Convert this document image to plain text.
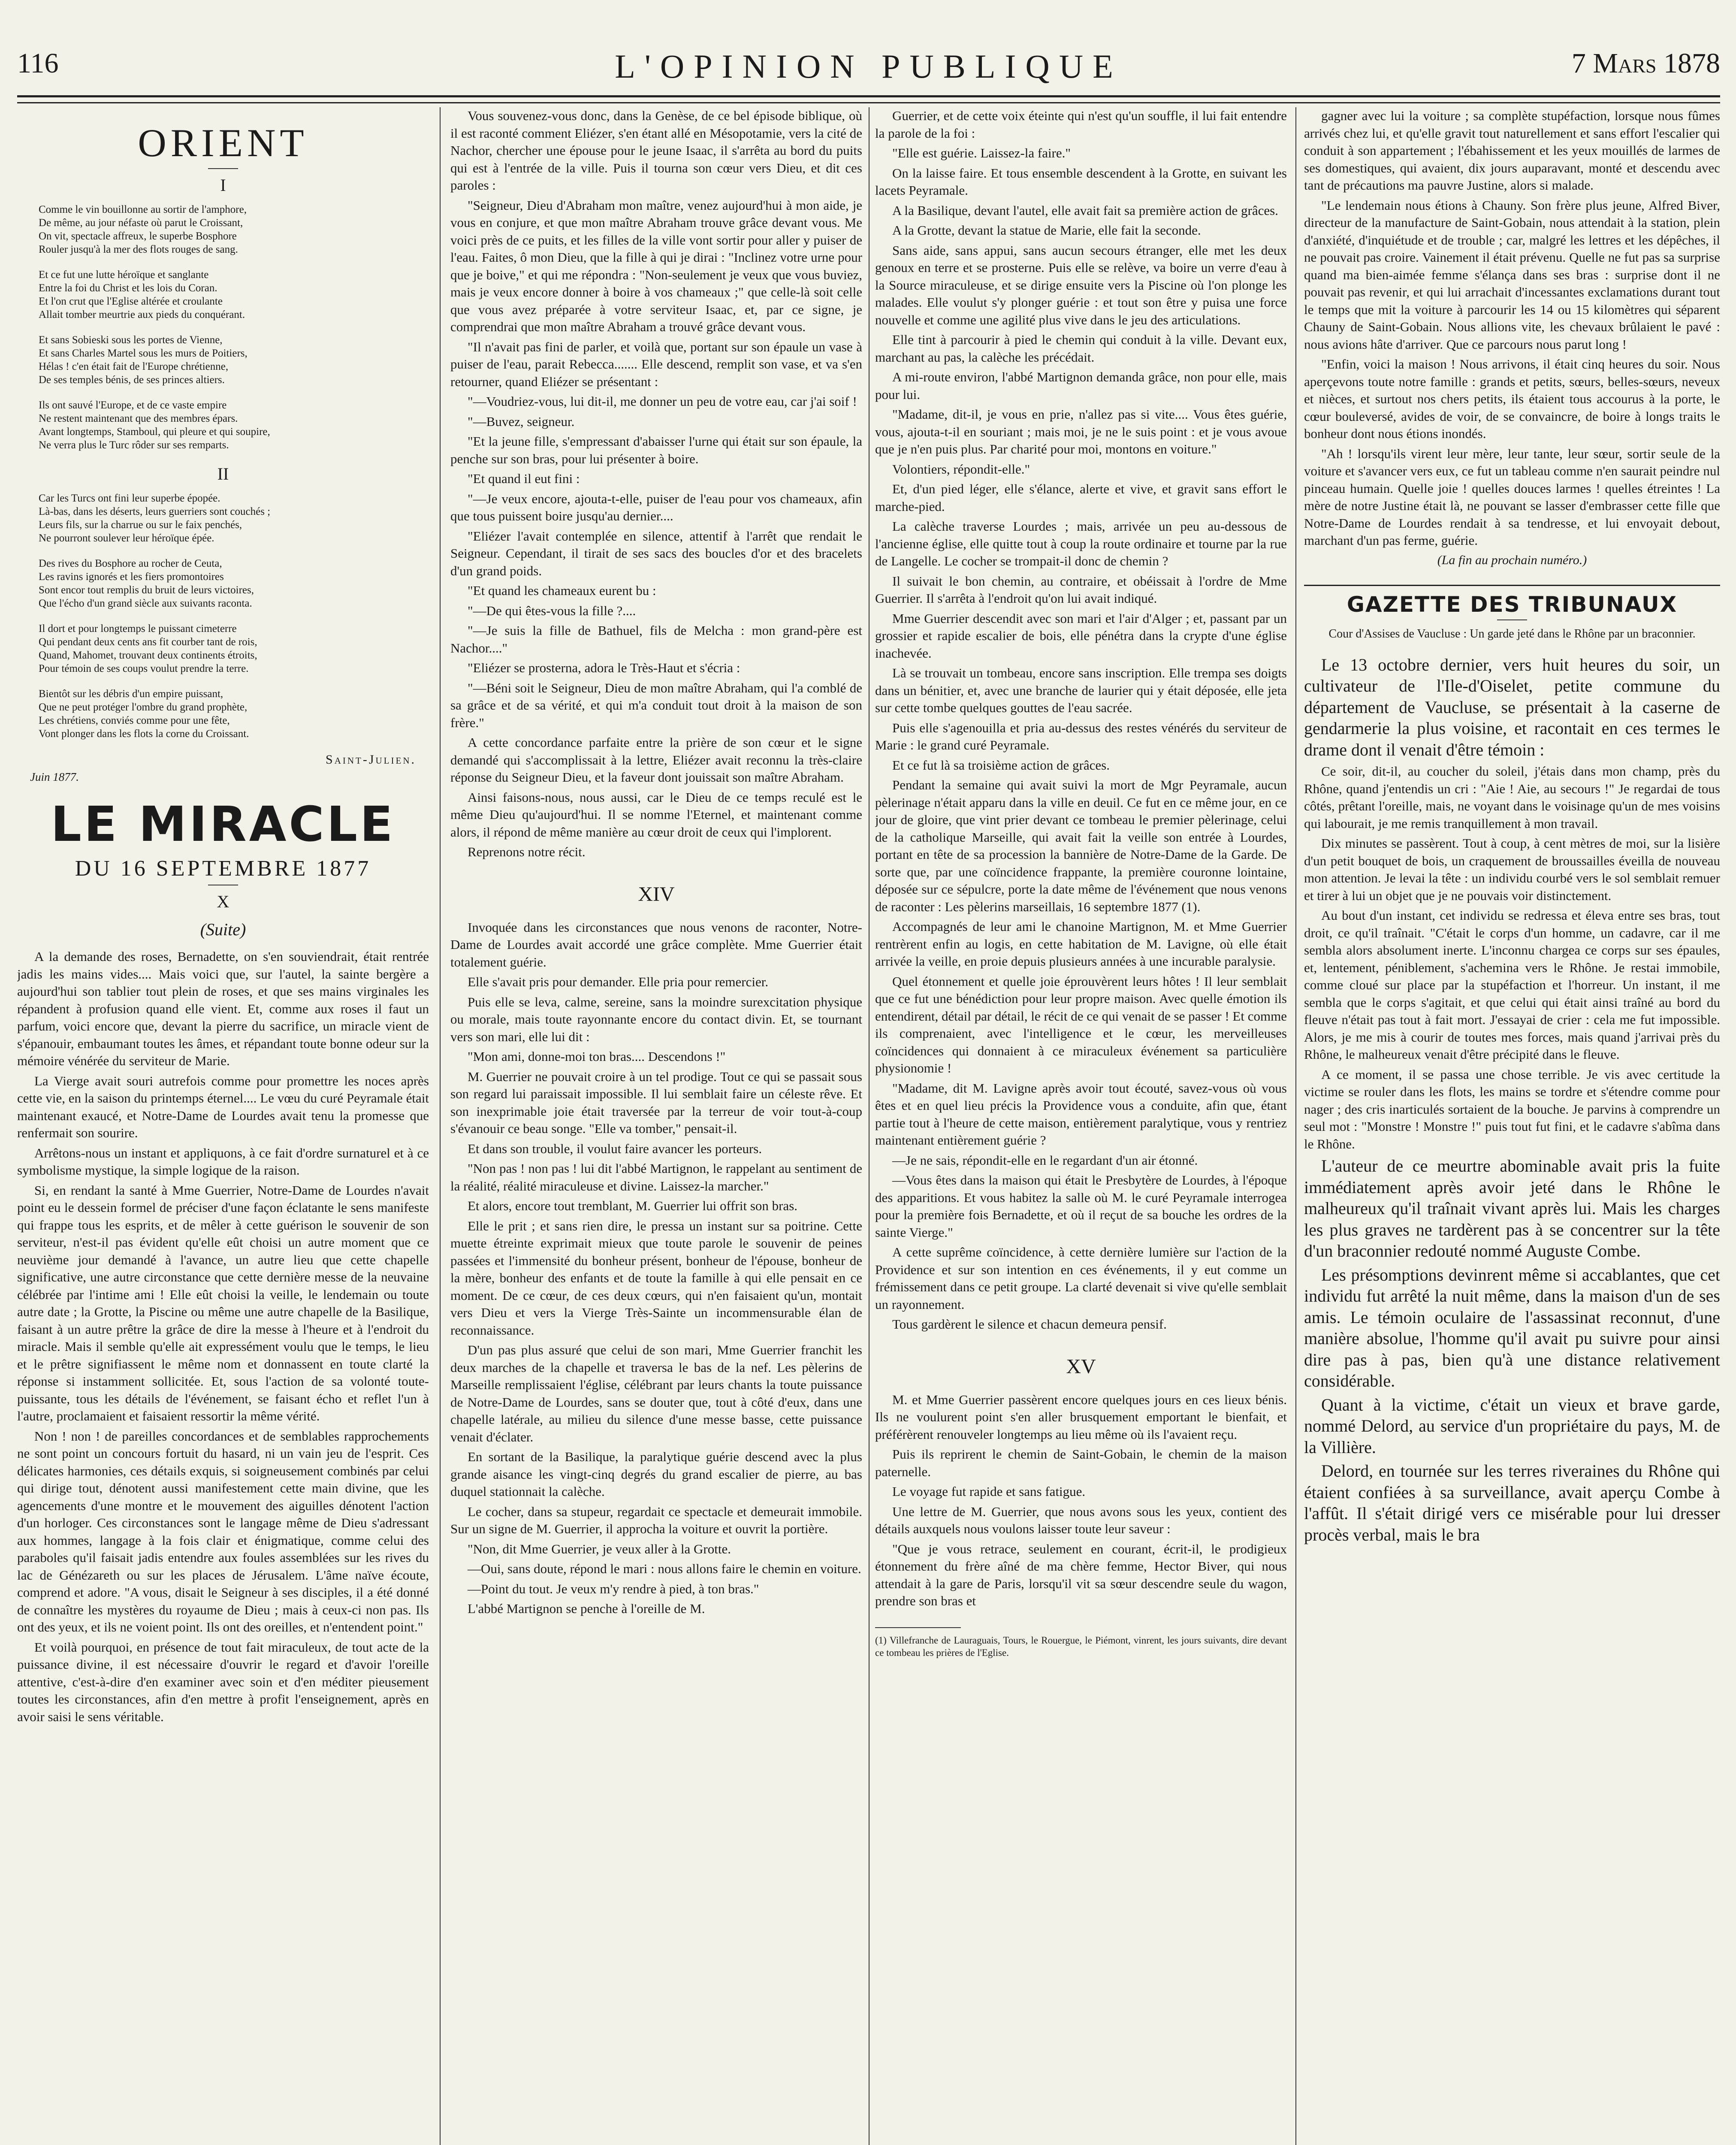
116	L'OPINION PUBLIQUE	7 Mars 1878
ORIENT
I
Comme le vin bouillonne au sortir de l'amphore,
De même, au jour néfaste où parut le Croissant,
On vit, spectacle affreux, le superbe Bosphore
Rouler jusqu'à la mer des flots rouges de sang.
Et ce fut une lutte héroïque et sanglante
Entre la foi du Christ et les lois du Coran.
Et l'on crut que l'Eglise altérée et croulante
Allait tomber meurtrie aux pieds du conquérant.
Et sans Sobieski sous les portes de Vienne,
Et sans Charles Martel sous les murs de Poitiers,
Hélas ! c'en était fait de l'Europe chrétienne,
De ses temples bénis, de ses princes altiers.
Ils ont sauvé l'Europe, et de ce vaste empire
Ne restent maintenant que des membres épars.
Avant longtemps, Stamboul, qui pleure et qui soupire,
Ne verra plus le Turc rôder sur ses remparts.
II
Car les Turcs ont fini leur superbe épopée.
Là-bas, dans les déserts, leurs guerriers sont couchés ;
Leurs fils, sur la charrue ou sur le faix penchés,
Ne pourront soulever leur héroïque épée.
Des rives du Bosphore au rocher de Ceuta,
Les ravins ignorés et les fiers promontoires
Sont encor tout remplis du bruit de leurs victoires,
Que l'écho d'un grand siècle aux suivants raconta.
Il dort et pour longtemps le puissant cimeterre
Qui pendant deux cents ans fit courber tant de rois,
Quand, Mahomet, trouvant deux continents étroits,
Pour témoin de ses coups voulut prendre la terre.
Bientôt sur les débris d'un empire puissant,
Que ne peut protéger l'ombre du grand prophète,
Les chrétiens, conviés comme pour une fête,
Vont plonger dans les flots la corne du Croissant.
Saint-Julien.
Juin 1877.
LE MIRACLE
DU 16 SEPTEMBRE 1877
X
(Suite)

A la demande des roses, Bernadette, on s'en souviendrait, était rentrée jadis les mains vides.... Mais voici que, sur l'autel, la sainte bergère a aujourd'hui son tablier tout plein de roses, et que ses mains virginales les répandent à profusion quand elle vient. Et, comme aux roses il faut un parfum, voici encore que, devant la pierre du sacrifice, un miracle vient de s'épanouir, embaumant toutes les âmes, et répandant toute bonne odeur sur la mémoire vénérée du serviteur de Marie.

La Vierge avait souri autrefois comme pour promettre les noces après cette vie, en la saison du printemps éternel.... Le vœu du curé Peyramale était maintenant exaucé, et Notre-Dame de Lourdes avait tenu la promesse que renfermait son sourire.

Arrêtons-nous un instant et appliquons, à ce fait d'ordre surnaturel et à ce symbolisme mystique, la simple logique de la raison.

Si, en rendant la santé à Mme Guerrier, Notre-Dame de Lourdes n'avait point eu le dessein formel de préciser d'une façon éclatante le sens manifeste qui frappe tous les esprits, et de mêler à cette guérison le souvenir de son serviteur, n'est-il pas évident qu'elle eût choisi un autre moment que ce neuvième jour demandé à l'avance, un autre lieu que cette chapelle significative, une autre circonstance que cette dernière messe de la neuvaine célébrée par l'intime ami ! Elle eût choisi la veille, le lendemain ou toute autre date ; la Grotte, la Piscine ou même une autre chapelle de la Basilique, faisant à un autre prêtre la grâce de dire la messe à l'heure et à l'endroit du miracle. Mais il semble qu'elle ait expressément voulu que le temps, le lieu et le prêtre signifiassent le même nom et donnassent en toute clarté la réponse si instamment sollicitée. Et, sous l'action de sa volonté toute-puissante, tous les détails de l'événement, se faisant écho et reflet l'un à l'autre, proclamaient et faisaient ressortir la même vérité.

Non ! non ! de pareilles concordances et de semblables rapprochements ne sont point un concours fortuit du hasard, ni un vain jeu de l'esprit. Ces délicates harmonies, ces détails exquis, si soigneusement combinés par celui qui dirige tout, dénotent aussi manifestement cette main divine, que les agencements d'une montre et le mouvement des aiguilles dénotent l'action d'un horloger. Ces circonstances sont le langage même de Dieu s'adressant aux hommes, langage à la fois clair et énigmatique, comme celui des paraboles qu'il faisait jadis entendre aux foules assemblées sur les rives du lac de Génézareth ou sur les places de Jérusalem. L'âme naïve écoute, comprend et adore. "A vous, disait le Seigneur à ses disciples, il a été donné de connaître les mystères du royaume de Dieu ; mais à ceux-ci non pas. Ils ont des yeux, et ils ne voient point. Ils ont des oreilles, et n'entendent point."

Et voilà pourquoi, en présence de tout fait miraculeux, de tout acte de la puissance divine, il est nécessaire d'ouvrir le regard et d'avoir l'oreille attentive, c'est-à-dire d'en examiner avec soin et d'en méditer pieusement toutes les circonstances, afin d'en mettre à profit l'enseignement, après en avoir saisi le sens véritable.

Vous souvenez-vous donc, dans la Genèse, de ce bel épisode biblique, où il est raconté comment Eliézer, s'en étant allé en Mésopotamie, vers la cité de Nachor, chercher une épouse pour le jeune Isaac, il s'arrêta au bord du puits qui est à l'entrée de la ville. Puis il tourna son cœur vers Dieu, et dit ces paroles :

"Seigneur, Dieu d'Abraham mon maître, venez aujourd'hui à mon aide, je vous en conjure, et que mon maître Abraham trouve grâce devant vous. Me voici près de ce puits, et les filles de la ville vont sortir pour aller y puiser de l'eau. Faites, ô mon Dieu, que la fille à qui je dirai : "Inclinez votre urne pour que je boive," et qui me répondra : "Non-seulement je veux que vous buviez, mais je veux encore donner à boire à vos chameaux ;" que celle-là soit celle que vous avez préparée à votre serviteur Isaac, et, par ce signe, je comprendrai que mon maître Abraham a trouvé grâce devant vous.

"Il n'avait pas fini de parler, et voilà que, portant sur son épaule un vase à puiser de l'eau, parait Rebecca....... Elle descend, remplit son vase, et va s'en retourner, quand Eliézer se présentant :

"—Voudriez-vous, lui dit-il, me donner un peu de votre eau, car j'ai soif !

"—Buvez, seigneur.

"Et la jeune fille, s'empressant d'abaisser l'urne qui était sur son épaule, la penche sur son bras, pour lui présenter à boire.

"Et quand il eut fini :

"—Je veux encore, ajouta-t-elle, puiser de l'eau pour vos chameaux, afin que tous puissent boire jusqu'au dernier....

"Eliézer l'avait contemplée en silence, attentif à l'arrêt que rendait le Seigneur. Cependant, il tirait de ses sacs des boucles d'or et des bracelets d'un grand poids.

"Et quand les chameaux eurent bu :

"—De qui êtes-vous la fille ?....

"—Je suis la fille de Bathuel, fils de Melcha : mon grand-père est Nachor...."

"Eliézer se prosterna, adora le Très-Haut et s'écria :

"—Béni soit le Seigneur, Dieu de mon maître Abraham, qui l'a comblé de sa grâce et de sa vérité, et qui m'a conduit tout droit à la maison de son frère."

A cette concordance parfaite entre la prière de son cœur et le signe demandé qui s'accomplissait à la lettre, Eliézer avait reconnu la très-claire réponse du Seigneur Dieu, et la faveur dont jouissait son maître Abraham.

Ainsi faisons-nous, nous aussi, car le Dieu de ce temps reculé est le même Dieu qu'aujourd'hui. Il se nomme l'Eternel, et maintenant comme alors, il répond de même manière au cœur droit de ceux qui l'implorent.

Reprenons notre récit.

XIV

Invoquée dans les circonstances que nous venons de raconter, Notre-Dame de Lourdes avait accordé une grâce complète. Mme Guerrier était totalement guérie.

Elle s'avait pris pour demander. Elle pria pour remercier.

Puis elle se leva, calme, sereine, sans la moindre surexcitation physique ou morale, mais toute rayonnante encore du contact divin. Et, se tournant vers son mari, elle lui dit :

"Mon ami, donne-moi ton bras.... Descendons !"

M. Guerrier ne pouvait croire à un tel prodige. Tout ce qui se passait sous son regard lui paraissait impossible. Il lui semblait faire un céleste rêve. Et son inexprimable joie était traversée par la terreur de voir tout-à-coup s'évanouir ce beau songe. "Elle va tomber," pensait-il.

Et dans son trouble, il voulut faire avancer les porteurs.

"Non pas ! non pas ! lui dit l'abbé Martignon, le rappelant au sentiment de la réalité, réalité miraculeuse et divine. Laissez-la marcher."

Et alors, encore tout tremblant, M. Guerrier lui offrit son bras.

Elle le prit ; et sans rien dire, le pressa un instant sur sa poitrine. Cette muette étreinte exprimait mieux que toute parole le souvenir de peines passées et l'immensité du bonheur présent, bonheur de l'épouse, bonheur de la mère, bonheur des enfants et de toute la famille à qui elle pensait en ce moment. De ce cœur, de ces deux cœurs, qui n'en faisaient qu'un, montait vers Dieu et vers la Vierge Très-Sainte un incommensurable élan de reconnaissance.

D'un pas plus assuré que celui de son mari, Mme Guerrier franchit les deux marches de la chapelle et traversa le bas de la nef. Les pèlerins de Marseille remplissaient l'église, célébrant par leurs chants la toute puissance de Notre-Dame de Lourdes, sans se douter que, tout à côté d'eux, dans une chapelle latérale, au milieu du silence d'une messe basse, cette puissance venait d'éclater.

En sortant de la Basilique, la paralytique guérie descend avec la plus grande aisance les vingt-cinq degrés du grand escalier de pierre, au bas duquel stationnait la calèche.

Le cocher, dans sa stupeur, regardait ce spectacle et demeurait immobile. Sur un signe de M. Guerrier, il approcha la voiture et ouvrit la portière.

"Non, dit Mme Guerrier, je veux aller à la Grotte.

—Oui, sans doute, répond le mari : nous allons faire le chemin en voiture.

—Point du tout. Je veux m'y rendre à pied, à ton bras."

L'abbé Martignon se penche à l'oreille de M.

Guerrier, et de cette voix éteinte qui n'est qu'un souffle, il lui fait entendre la parole de la foi :

"Elle est guérie. Laissez-la faire."

On la laisse faire. Et tous ensemble descendent à la Grotte, en suivant les lacets Peyramale.

A la Basilique, devant l'autel, elle avait fait sa première action de grâces.

A la Grotte, devant la statue de Marie, elle fait la seconde.

Sans aide, sans appui, sans aucun secours étranger, elle met les deux genoux en terre et se prosterne. Puis elle se relève, va boire un verre d'eau à la Source miraculeuse, et se dirige ensuite vers la Piscine où l'on plonge les malades. Elle voulut s'y plonger guérie : et tout son être y puisa une force nouvelle et comme une agilité plus vive dans le jeu des articulations.

Elle tint à parcourir à pied le chemin qui conduit à la ville. Devant eux, marchant au pas, la calèche les précédait.

A mi-route environ, l'abbé Martignon demanda grâce, non pour elle, mais pour lui.

"Madame, dit-il, je vous en prie, n'allez pas si vite.... Vous êtes guérie, vous, ajouta-t-il en souriant ; mais moi, je ne le suis point : et je vous avoue que je n'en puis plus. Par charité pour moi, montons en voiture."

Volontiers, répondit-elle."

Et, d'un pied léger, elle s'élance, alerte et vive, et gravit sans effort le marche-pied.

La calèche traverse Lourdes ; mais, arrivée un peu au-dessous de l'ancienne église, elle quitte tout à coup la route ordinaire et tourne par la rue de Langelle. Le cocher se trompait-il donc de chemin ?

Il suivait le bon chemin, au contraire, et obéissait à l'ordre de Mme Guerrier. Il s'arrêta à l'endroit qu'on lui avait indiqué.

Mme Guerrier descendit avec son mari et l'air d'Alger ; et, passant par un grossier et rapide escalier de bois, elle pénétra dans la crypte d'une église inachevée.

Là se trouvait un tombeau, encore sans inscription. Elle trempa ses doigts dans un bénitier, et, avec une branche de laurier qui y était déposée, elle jeta sur cette tombe quelques gouttes de l'eau sacrée.

Puis elle s'agenouilla et pria au-dessus des restes vénérés du serviteur de Marie : le grand curé Peyramale.

Et ce fut là sa troisième action de grâces.

Pendant la semaine qui avait suivi la mort de Mgr Peyramale, aucun pèlerinage n'était apparu dans la ville en deuil. Ce fut en ce même jour, en ce jour de gloire, que vint prier devant ce tombeau le premier pèlerinage, celui de la catholique Marseille, qui avait fait la veille son entrée à Lourdes, portant en tête de sa procession la bannière de Notre-Dame de la Garde. De sorte que, par une coïncidence frappante, la première couronne lointaine, déposée sur ce sépulcre, porte la date même de l'événement que nous venons de raconter : Les pèlerins marseillais, 16 septembre 1877 (1).

Accompagnés de leur ami le chanoine Martignon, M. et Mme Guerrier rentrèrent enfin au logis, en cette habitation de M. Lavigne, où elle était arrivée la veille, en proie depuis plusieurs années à une incurable paralysie.

Quel étonnement et quelle joie éprouvèrent leurs hôtes ! Il leur semblait que ce fut une bénédiction pour leur propre maison. Avec quelle émotion ils entendirent, détail par détail, le récit de ce qui venait de se passer ! Et comme ils comprenaient, avec l'intelligence et le cœur, les merveilleuses coïncidences qui donnaient à ce miraculeux événement sa particulière physionomie !

"Madame, dit M. Lavigne après avoir tout écouté, savez-vous où vous êtes et en quel lieu précis la Providence vous a conduite, afin que, étant partie tout à l'heure de cette maison, entièrement paralytique, vous y rentriez maintenant entièrement guérie ?

—Je ne sais, répondit-elle en le regardant d'un air étonné.

—Vous êtes dans la maison qui était le Presbytère de Lourdes, à l'époque des apparitions. Et vous habitez la salle où M. le curé Peyramale interrogea pour la première fois Bernadette, et où il reçut de sa bouche les ordres de la sainte Vierge."

A cette suprême coïncidence, à cette dernière lumière sur l'action de la Providence et sur son intention en ces événements, il y eut comme un frémissement dans ce petit groupe. La clarté devenait si vive qu'elle semblait un rayonnement.

Tous gardèrent le silence et chacun demeura pensif.

XV

M. et Mme Guerrier passèrent encore quelques jours en ces lieux bénis. Ils ne voulurent point s'en aller brusquement emportant le bienfait, et préférèrent renouveler longtemps au lieu même où ils l'avaient reçu.

Puis ils reprirent le chemin de Saint-Gobain, le chemin de la maison paternelle.

Le voyage fut rapide et sans fatigue.

Une lettre de M. Guerrier, que nous avons sous les yeux, contient des détails auxquels nous voulons laisser toute leur saveur :

"Que je vous retrace, seulement en courant, écrit-il, le prodigieux étonnement du frère aîné de ma chère femme, Hector Biver, qui nous attendait à la gare de Paris, lorsqu'il vit sa sœur descendre seule du wagon, prendre son bras et

(1) Villefranche de Lauraguais, Tours, le Rouergue, le Piémont, vinrent, les jours suivants, dire devant ce tombeau les prières de l'Eglise.

gagner avec lui la voiture ; sa complète stupéfaction, lorsque nous fûmes arrivés chez lui, et qu'elle gravit tout naturellement et sans effort l'escalier qui conduit à son appartement ; l'ébahissement et les yeux mouillés de larmes de ses domestiques, qui avaient, dix jours auparavant, monté et descendu avec tant de précautions ma pauvre Justine, alors si malade.

"Le lendemain nous étions à Chauny. Son frère plus jeune, Alfred Biver, directeur de la manufacture de Saint-Gobain, nous attendait à la station, plein d'anxiété, d'inquiétude et de trouble ; car, malgré les lettres et les dépêches, il ne pouvait pas croire. Vainement il était prévenu. Quelle ne fut pas sa surprise quand ma bien-aimée femme s'élança dans ses bras : surprise dont il ne pouvait pas revenir, et qui lui arrachait d'incessantes exclamations durant tout le temps que mit la voiture à parcourir les 14 ou 15 kilomètres qui séparent Chauny de Saint-Gobain. Nous allions vite, les chevaux brûlaient le pavé : nous avions hâte d'arriver. Que ce parcours nous parut long !

"Enfin, voici la maison ! Nous arrivons, il était cinq heures du soir. Nous aperçevons toute notre famille : grands et petits, sœurs, belles-sœurs, neveux et nièces, et surtout nos chers petits, ils étaient tous accourus à la porte, le cœur bouleversé, avides de voir, de se convaincre, de boire à longs traits le bonheur dont nous étions inondés.

"Ah ! lorsqu'ils virent leur mère, leur tante, leur sœur, sortir seule de la voiture et s'avancer vers eux, ce fut un tableau comme n'en saurait peindre nul pinceau humain. Quelle joie ! quelles douces larmes ! quelles étreintes ! La mère de notre Justine était là, ne pouvant se lasser d'embrasser cette fille que Notre-Dame de Lourdes rendait à sa tendresse, et lui envoyait debout, marchant d'un pas ferme, guérie.

(La fin au prochain numéro.)
GAZETTE DES TRIBUNAUX
Cour d'Assises de Vaucluse : Un garde jeté dans le Rhône par un braconnier.

Le 13 octobre dernier, vers huit heures du soir, un cultivateur de l'Ile-d'Oiselet, petite commune du département de Vaucluse, se présentait à la caserne de gendarmerie la plus voisine, et racontait en ces termes le drame dont il venait d'être témoin :

Ce soir, dit-il, au coucher du soleil, j'étais dans mon champ, près du Rhône, quand j'entendis un cri : "Aie ! Aie, au secours !" Je regardai de tous côtés, prêtant l'oreille, mais, ne voyant dans le voisinage qu'un de mes voisins qui labourait, je me remis tranquillement à mon travail.

Dix minutes se passèrent. Tout à coup, à cent mètres de moi, sur la lisière d'un petit bouquet de bois, un craquement de broussailles éveilla de nouveau mon attention. Je levai la tête : un individu courbé vers le sol semblait remuer et tirer à lui un objet que je ne pouvais voir distinctement.

Au bout d'un instant, cet individu se redressa et éleva entre ses bras, tout droit, ce qu'il traînait. "C'était le corps d'un homme, un cadavre, car il me sembla alors absolument inerte. L'inconnu chargea ce corps sur ses épaules, et, lentement, péniblement, s'achemina vers le Rhône. Je restai immobile, comme cloué sur place par la stupéfaction et l'horreur. Un instant, il me sembla que le corps s'agitait, et que celui qui était ainsi traîné au bord du fleuve n'était pas tout à fait mort. J'essayai de crier : cela me fut impossible. Alors, je me mis à courir de toutes mes forces, mais quand j'arrivai près du Rhône, le malheureux venait d'être précipité dans le fleuve.

A ce moment, il se passa une chose terrible. Je vis avec certitude la victime se rouler dans les flots, les mains se tordre et s'étendre comme pour nager ; des cris inarticulés sortaient de la bouche. Je parvins à comprendre un seul mot : "Monstre ! Monstre !" puis tout fut fini, et le cadavre s'abîma dans le Rhône.

L'auteur de ce meurtre abominable avait pris la fuite immédiatement après avoir jeté dans le Rhône le malheureux qu'il traînait vivant après lui. Mais les charges les plus graves ne tardèrent pas à se concentrer sur la tête d'un braconnier redouté nommé Auguste Combe.

Les présomptions devinrent même si accablantes, que cet individu fut arrêté la nuit même, dans la maison d'un de ses amis. Le témoin oculaire de l'assassinat reconnut, d'une manière absolue, l'homme qu'il avait pu suivre pour ainsi dire pas à pas, bien qu'à une distance relativement considérable.

Quant à la victime, c'était un vieux et brave garde, nommé Delord, au service d'un propriétaire du pays, M. de la Villière.

Delord, en tournée sur les terres riveraines du Rhône qui étaient confiées à sa surveillance, avait aperçu Combe à l'affût. Il s'était dirigé vers ce misérable pour lui dresser procès verbal, mais le bra
